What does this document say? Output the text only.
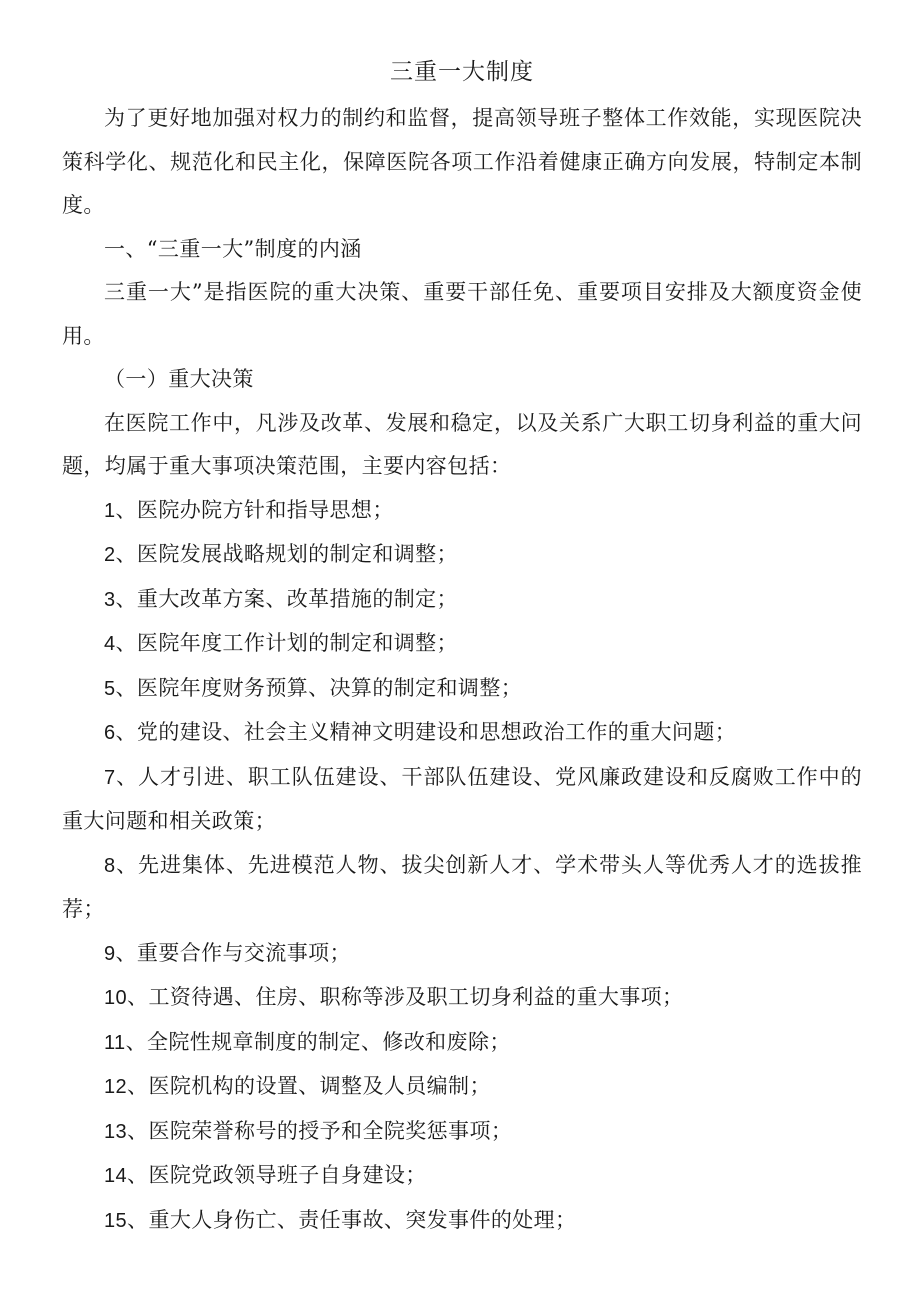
三重一大制度

为了更好地加强对权力的制约和监督，提高领导班子整体工作效能，实现医院决策科学化、规范化和民主化，保障医院各项工作沿着健康正确方向发展，特制定本制度。

一、“三重一大”制度的内涵

三重一大”是指医院的重大决策、重要干部任免、重要项目安排及大额度资金使用。

（一）重大决策

在医院工作中，凡涉及改革、发展和稳定，以及关系广大职工切身利益的重大问题，均属于重大事项决策范围，主要内容包括：

1、医院办院方针和指导思想；

2、医院发展战略规划的制定和调整；

3、重大改革方案、改革措施的制定；

4、医院年度工作计划的制定和调整；

5、医院年度财务预算、决算的制定和调整；

6、党的建设、社会主义精神文明建设和思想政治工作的重大问题；

7、人才引进、职工队伍建设、干部队伍建设、党风廉政建设和反腐败工作中的重大问题和相关政策；

8、先进集体、先进模范人物、拔尖创新人才、学术带头人等优秀人才的选拔推荐；

9、重要合作与交流事项；

10、工资待遇、住房、职称等涉及职工切身利益的重大事项；

11、全院性规章制度的制定、修改和废除；

12、医院机构的设置、调整及人员编制；

13、医院荣誉称号的授予和全院奖惩事项；

14、医院党政领导班子自身建设；

15、重大人身伤亡、责任事故、突发事件的处理；
